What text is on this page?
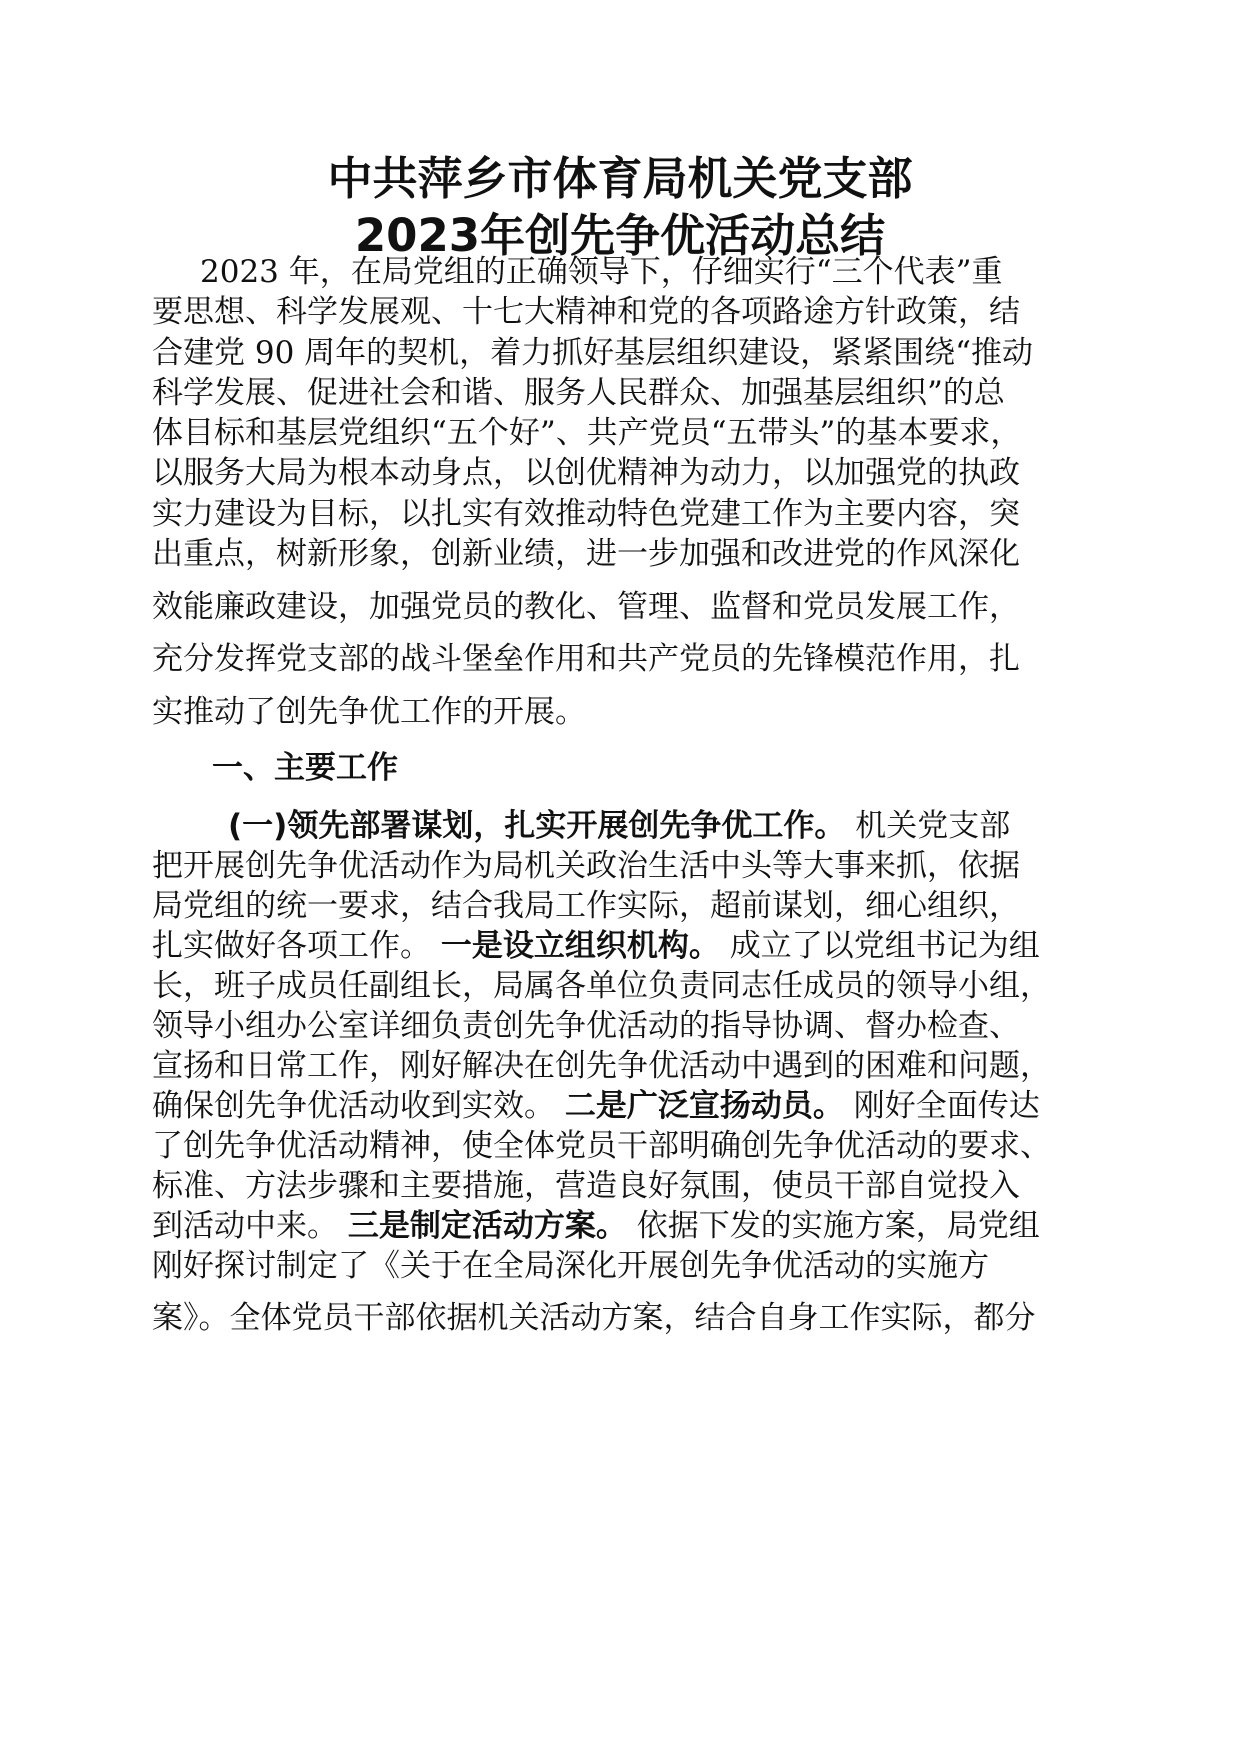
中共萍乡市体育局机关党支部
2023年创先争优活动总结
2023 年，在局党组的正确领导下，仔细实行“三个代表”重
要思想、科学发展观、十七大精神和党的各项路途方针政策，结
合建党 90 周年的契机，着力抓好基层组织建设，紧紧围绕“推动
科学发展、促进社会和谐、服务人民群众、加强基层组织”的总
体目标和基层党组织“五个好”、共产党员“五带头”的基本要求，
以服务大局为根本动身点，以创优精神为动力，以加强党的执政
实力建设为目标，以扎实有效推动特色党建工作为主要内容，突
出重点，树新形象，创新业绩，进一步加强和改进党的作风深化
效能廉政建设，加强党员的教化、管理、监督和党员发展工作，
充分发挥党支部的战斗堡垒作用和共产党员的先锋模范作用，扎
实推动了创先争优工作的开展。
一、主要工作
(一)领先部署谋划，扎实开展创先争优工作。 机关党支部
把开展创先争优活动作为局机关政治生活中头等大事来抓，依据
局党组的统一要求，结合我局工作实际，超前谋划，细心组织，
扎实做好各项工作。 一是设立组织机构。 成立了以党组书记为组
长，班子成员任副组长，局属各单位负责同志任成员的领导小组，
领导小组办公室详细负责创先争优活动的指导协调、督办检查、
宣扬和日常工作，刚好解决在创先争优活动中遇到的困难和问题，
确保创先争优活动收到实效。 二是广泛宣扬动员。 刚好全面传达
了创先争优活动精神，使全体党员干部明确创先争优活动的要求、
标准、方法步骤和主要措施，营造良好氛围，使员干部自觉投入
到活动中来。 三是制定活动方案。 依据下发的实施方案，局党组
刚好探讨制定了《关于在全局深化开展创先争优活动的实施方
案》。全体党员干部依据机关活动方案，结合自身工作实际，都分
